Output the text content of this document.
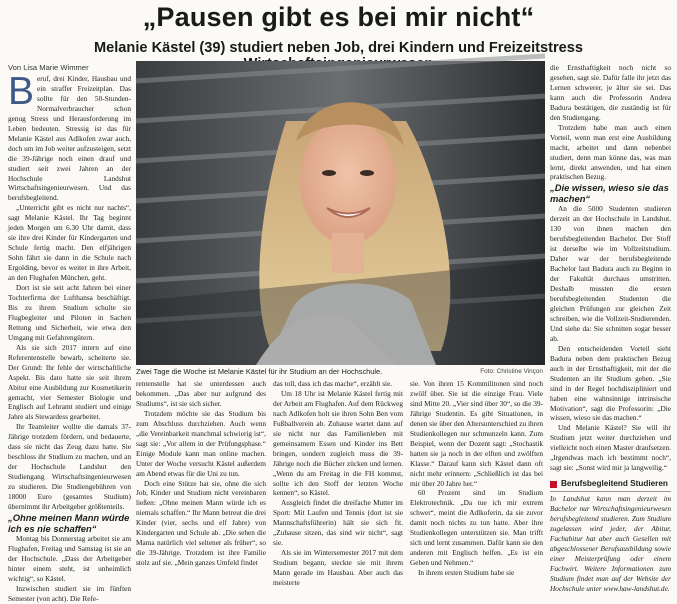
„Pausen gibt es bei mir nicht“
Melanie Kästel (39) studiert neben Job, drei Kindern und Freizeitstress
Von Lisa Marie Wimmer
B eruf, drei Kinder, Hausbau und ein straffer Freizeitplan. Das sollte für den 50-Stunden-Normalverbraucher schon genug Stress und Herausforderung im Leben bedeuten. Stressig ist das für Melanie Kästel aus Adlkofen zwar auch, doch um im Job weiter aufzusteigen, setzt die 39-Jährige noch einen drauf und studiert seit zwei Jahren an der Hochschule Landshut Wirtschaftsingenieurwesen. Und das berufsbegleitend.

„Unterricht gibt es nicht nur nachts“, sagt Melanie Kästel. Ihr Tag beginnt jeden Morgen um 6.30 Uhr damit, dass sie ihre drei Kinder für Kindergarten und Schule fertig macht. Den elfjährigen Sohn fährt sie dann in die Schule nach Ergolding, bevor es weiter in ihre Arbeit, an den Flughafen München, geht.

Dort ist sie seit acht Jahren bei einer Tochterfirma der Lufthansa beschäftigt. Bis zu ihrem Studium schulte sie Flugbegleiter und Piloten in Sachen Rettung und Sicherheit, wie etwa den Umgang mit Gefahrengütern.

Als sie sich 2017 intern auf eine Referentenstelle bewarb, scheiterte sie. Der Grund: Ihr fehle der wirtschaftliche Aspekt. Bis dato hatte sie seit ihrem Abitur eine Ausbildung zur Kosmetikerin gemacht, vier Semester Biologie und Englisch auf Lehramt studiert und einige Jahre als Stewardess gearbeitet.

Ihr Teamleiter wollte die damals 37-Jährige trotzdem fördern, und bedauerte, dass sie nicht das Zeug dazu hatte. Sie beschloss ihr Studium zu machen, und an der Hochschule Landshut den Studiengang Wirtschaftsingenieurwesen zu studieren. Die Studiengebühren von 18000 Euro (gesamtes Studium) übernimmt ihr Arbeitgeber größtenteils.

„Ohne meinen Mann würde ich es nie schaffen“

Montag bis Donnerstag arbeitet sie am Flughafen, Freitag und Samstag ist sie an der Hochschule. „Dass der Arbeitgeber hinter einem steht, ist unheimlich wichtig“, so Kästel.

Inzwischen studiert sie im fünften Semester (von acht). Die Refe-

Zwei Tage die Woche ist Melanie Kästel für ihr Studium an der Hochschule.	Foto: Christine Vinçon

rentenstelle hat sie unterdessen auch bekommen. „Das aber nur aufgrund des Studiums“, ist sie sich sicher.

Trotzdem möchte sie das Studium bis zum Abschluss durchziehen. Auch wenn „die Vereinbarkeit manchmal schwierig ist“, sagt sie: „Vor allem in der Prüfungsphase.“ Einige Module kann man online machen. Unter der Woche versucht Kästel außerdem am Abend etwas für die Uni zu tun.

Doch eine Stütze hat sie, ohne die sich Job, Kinder und Studium nicht vereinbaren ließen: „Ohne meinen Mann würde ich es niemals schaffen.“ Ihr Mann betreut die drei Kinder (vier, sechs und elf Jahre) von Kindergarten und Schule ab. „Die sehen die Mama natürlich viel seltener als früher“, so die 39-Jährige. Trotzdem ist ihre Familie stolz auf sie. „Mein ganzes Umfeld findet

das toll, dass ich das mache“, erzählt sie.

Um 18 Uhr ist Melanie Kästel fertig mit der Arbeit am Flughafen. Auf dem Rückweg nach Adlkofen holt sie ihren Sohn Ben vom Fußballverein ab. Zuhause wartet dann auf sie nicht nur das Familienleben mit gemeinsamem Essen und Kinder ins Bett bringen, sondern zugleich muss die 39-Jährige noch die Bücher zücken und lernen. „Wenn du am Freitag in die FH kommst, sollte ich den Stoff der letzten Woche kennen“, so Kästel.

Ausgleich findet die dreifache Mutter im Sport: Mit Laufen und Tennis (dort ist sie Mannschaftsführerin) hält sie sich fit. „Zuhause sitzen, das sind wir nicht“, sagt sie.

Als sie im Wintersemester 2017 mit dem Studium begann, steckte sie mit ihrem Mann gerade im Hausbau. Aber auch das meisterte

sie. Von ihren 15 Kommilitonen sind noch zwölf über. Sie ist die einzige Frau. Viele sind Mitte 20. „Vier sind über 30“, so die 39-Jährige Studentin. Es gibt Situationen, in denen sie über den Altersunterschied zu ihren Studienkollegen nur schmunzeln kann. Zum Beispiel, wenn der Dozent sagt: „Stochastik hatten sie ja noch in der elften und zwölften Klasse.“ Darauf kann sich Kästel dann oft nicht mehr erinnern: „Schließlich ist das bei mir über 20 Jahre her.“

60 Prozent sind im Studium Elektrotechnik. „Da tue ich mir extrem schwer“, meint die Adlkoferin, da sie zuvor damit noch nichts zu tun hatte. Aber ihre Studienkollegen unterstützen sie. Man trifft sich und lernt zusammen. Dafür kann sie den anderen mit Englisch helfen. „Es ist ein Geben und Nehmen.“

In ihrem ersten Studium habe sie

die Ernsthaftigkeit noch nicht so gesehen, sagt sie. Dafür falle ihr jetzt das Lernen schwerer, je älter sie sei. Das kann auch die Professorin Andrea Badura bestätigen, die zuständig ist für den Studiengang.

Trotzdem habe man auch einen Vorteil, wenn man erst eine Ausbildung macht, arbeitet und dann nebenbei studiert, denn man könne das, was man lernt, direkt anwenden, und hat einen praktischen Bezug.

„Die wissen, wieso sie das machen“

An die 5000 Studenten studieren derzeit an der Hochschule in Landshut. 130 von ihnen machen den berufsbegleitenden Bachelor. Der Stoff ist derselbe wie im Vollzeitstudium. Daher war der berufsbegleitende Bachelor laut Badura auch zu Beginn in der Fakultät durchaus umstritten. Deshalb mussten die ersten berufsbegleitenden Studenten die gleichen Prüfungen zur gleichen Zeit schreiben, wie die Vollzeit-Studierenden. Und siehe da: Sie schnitten sogar besser ab.

Den entscheidenden Vorteil sieht Badura neben dem praktischen Bezug auch in der Ernsthaftigkeit, mit der die Studenten an ihr Studium gehen. „Sie sind in der Regel hochdiszipliniert und haben eine wahnsinnige intrinsische Motivation“, sagt die Professorin: „Die wissen, wieso sie das machen.“

Und Melanie Kästel? Sie will ihr Studium jetzt weiter durchziehen und vielleicht noch einen Master draufsetzen. „Irgendwas mach ich bestimmt noch“, sagt sie: „Sonst wird mir ja langweilig.“

Berufsbegleitend Studieren

In Landshut kann man derzeit im Bachelor nur Wirtschaftsingenieurwesen berufsbegleitend studieren. Zum Studium zugelassen wird jeder, der Abitur, Fachabitur hat aber auch Gesellen mit abgeschlossener Berufsausbildung sowie einer Meisterprüfung oder einem Fachwirt. Weitere Informationen zum Studium findet man auf der Website der Hochschule unter www.haw-landshut.de.
